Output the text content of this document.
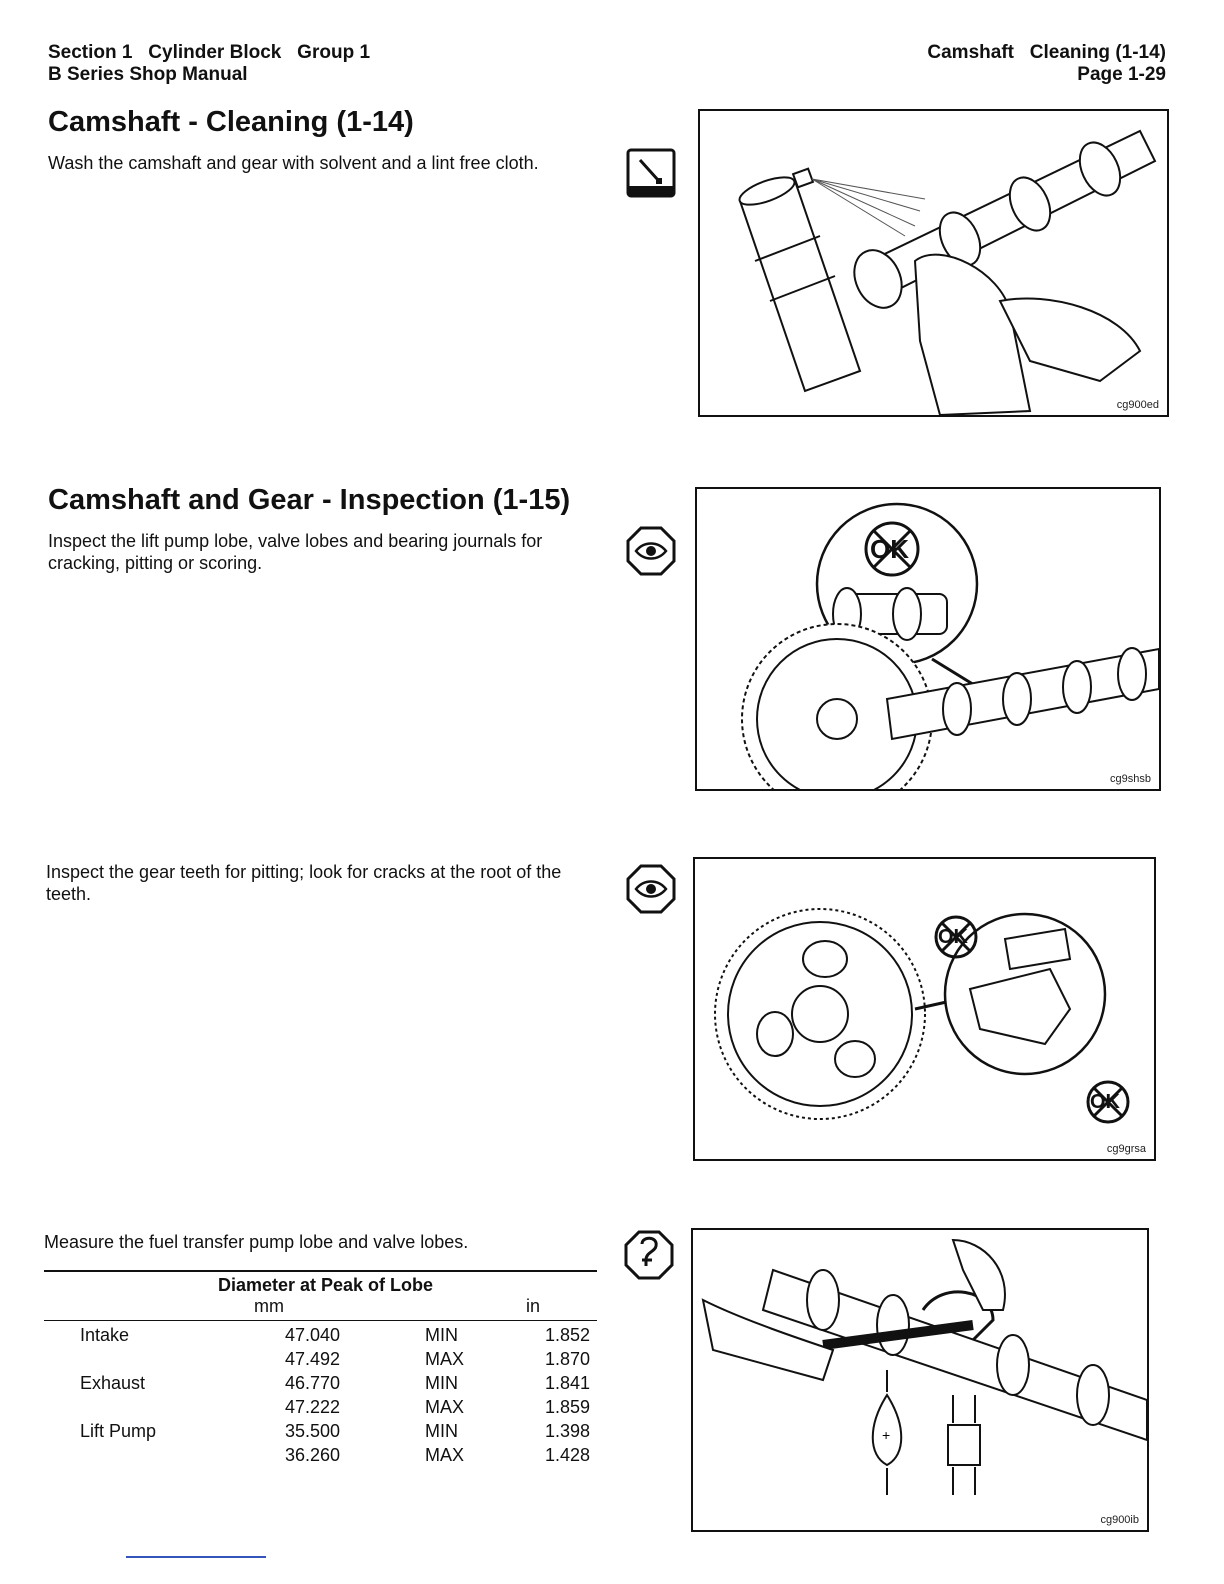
Section 1   Cylinder Block   Group 1
B Series Shop Manual
Camshaft   Cleaning (1-14)
Page 1-29
Camshaft - Cleaning (1-14)
Wash the camshaft and gear with solvent and a lint free cloth.
cg900ed
Camshaft and Gear - Inspection (1-15)
Inspect the lift pump lobe, valve lobes and bearing journals for cracking, pitting or scoring.	OK
cg9shsb
Inspect the gear teeth for pitting; look for cracks at the root of the teeth.
OK
OK
cg9grsa
Measure the fuel transfer pump lobe and valve lobes.
Diameter at Peak of Lobe
mm	in
Intake	47.040	MIN	1.852
	47.492	MAX	1.870
Exhaust	46.770	MIN	1.841
	47.222	MAX	1.859
Lift Pump	35.500	MIN	1.398
	36.260	MAX	1.428
+
cg900ib
